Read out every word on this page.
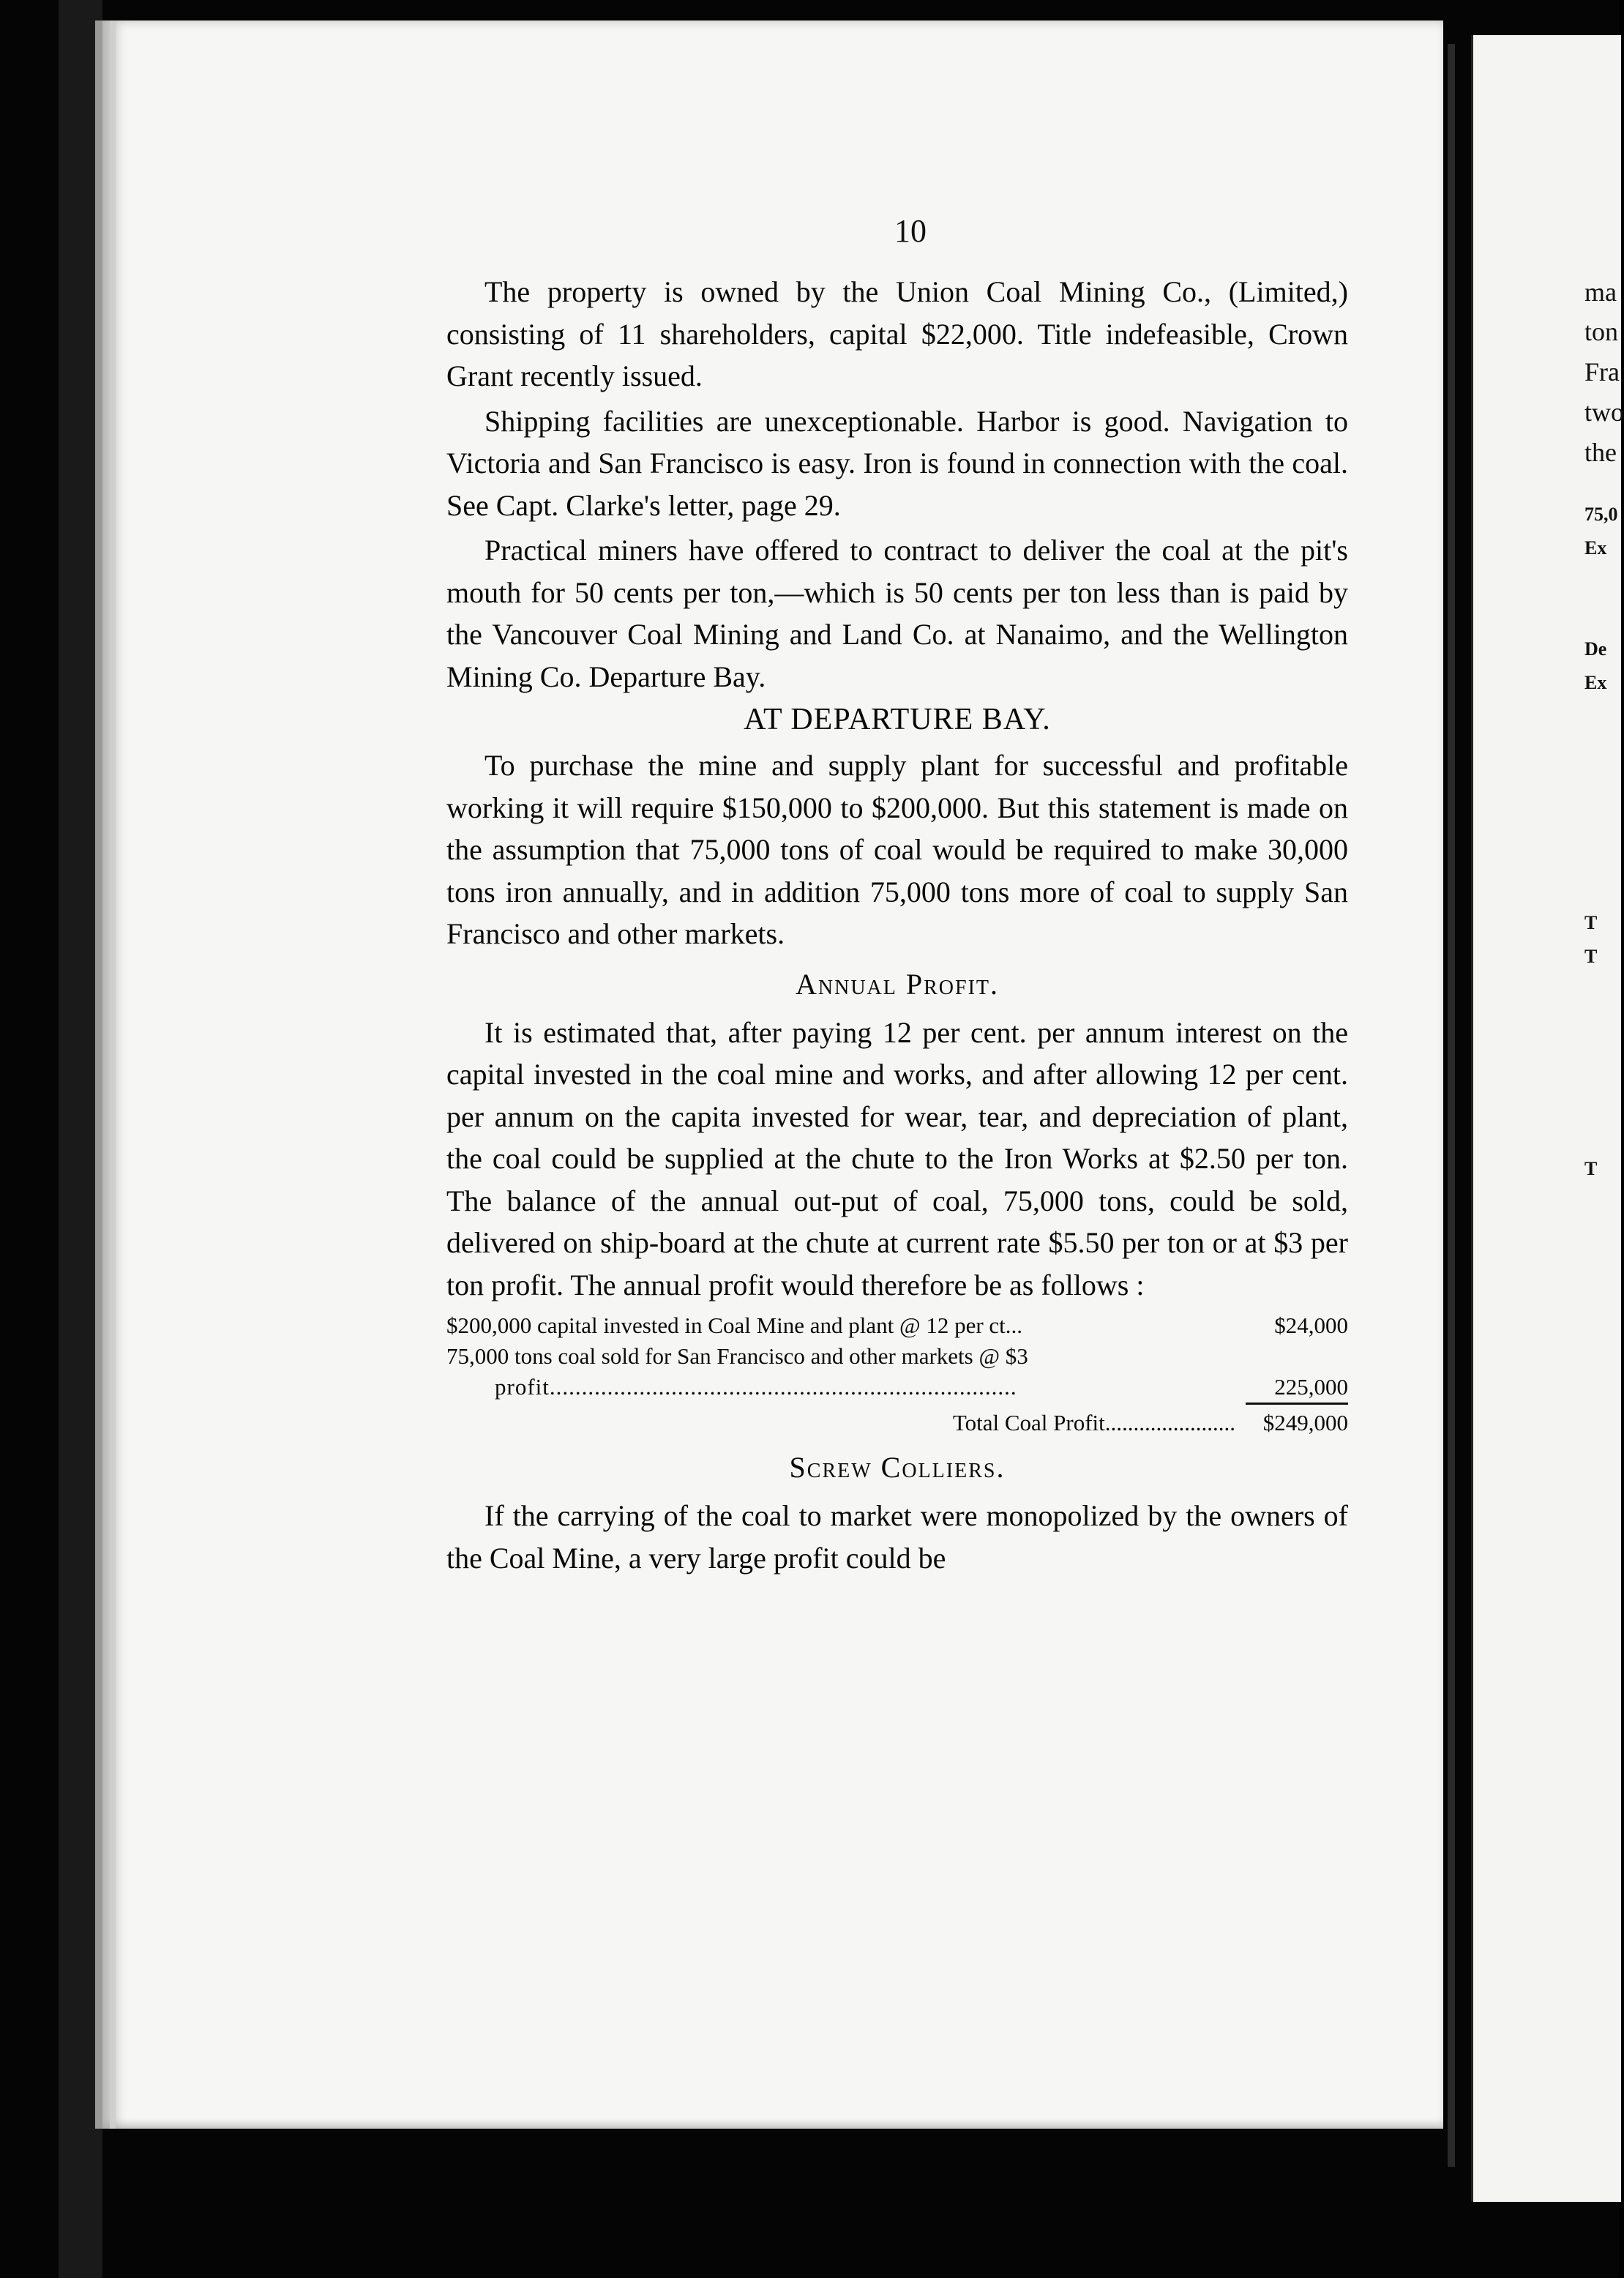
ma
ton
Fra
two
the
75,0
Ex
De
Ex
T
T
T
10

The property is owned by the Union Coal Mining Co., (Limited,) consisting of 11 shareholders, capital $22,000. Title indefeasible, Crown Grant recently issued.

Shipping facilities are unexceptionable. Harbor is good. Navigation to Victoria and San Francisco is easy. Iron is found in connection with the coal. See Capt. Clarke's letter, page 29.

Practical miners have offered to contract to deliver the coal at the pit's mouth for 50 cents per ton,—which is 50 cents per ton less than is paid by the Vancouver Coal Mining and Land Co. at Nanaimo, and the Wellington Mining Co. Departure Bay.

AT DEPARTURE BAY.

To purchase the mine and supply plant for successful and profitable working it will require $150,000 to $200,000. But this statement is made on the assumption that 75,000 tons of coal would be required to make 30,000 tons iron annually, and in addition 75,000 tons more of coal to supply San Francisco and other markets.

Annual Profit.

It is estimated that, after paying 12 per cent. per annum interest on the capital invested in the coal mine and works, and after allowing 12 per cent. per annum on the capita invested for wear, tear, and depreciation of plant, the coal could be supplied at the chute to the Iron Works at $2.50 per ton. The balance of the annual out-put of coal, 75,000 tons, could be sold, delivered on ship-board at the chute at current rate $5.50 per ton or at $3 per ton profit. The annual profit would therefore be as follows :

$200,000 capital invested in Coal Mine and plant @ 12 per ct...	$24,000
75,000 tons coal sold for San Francisco and other markets @ $3
profit.........................................................................	225,000
Total Coal Profit.......................	$249,000
Screw Colliers.

If the carrying of the coal to market were monopolized by the owners of the Coal Mine, a very large profit could be
